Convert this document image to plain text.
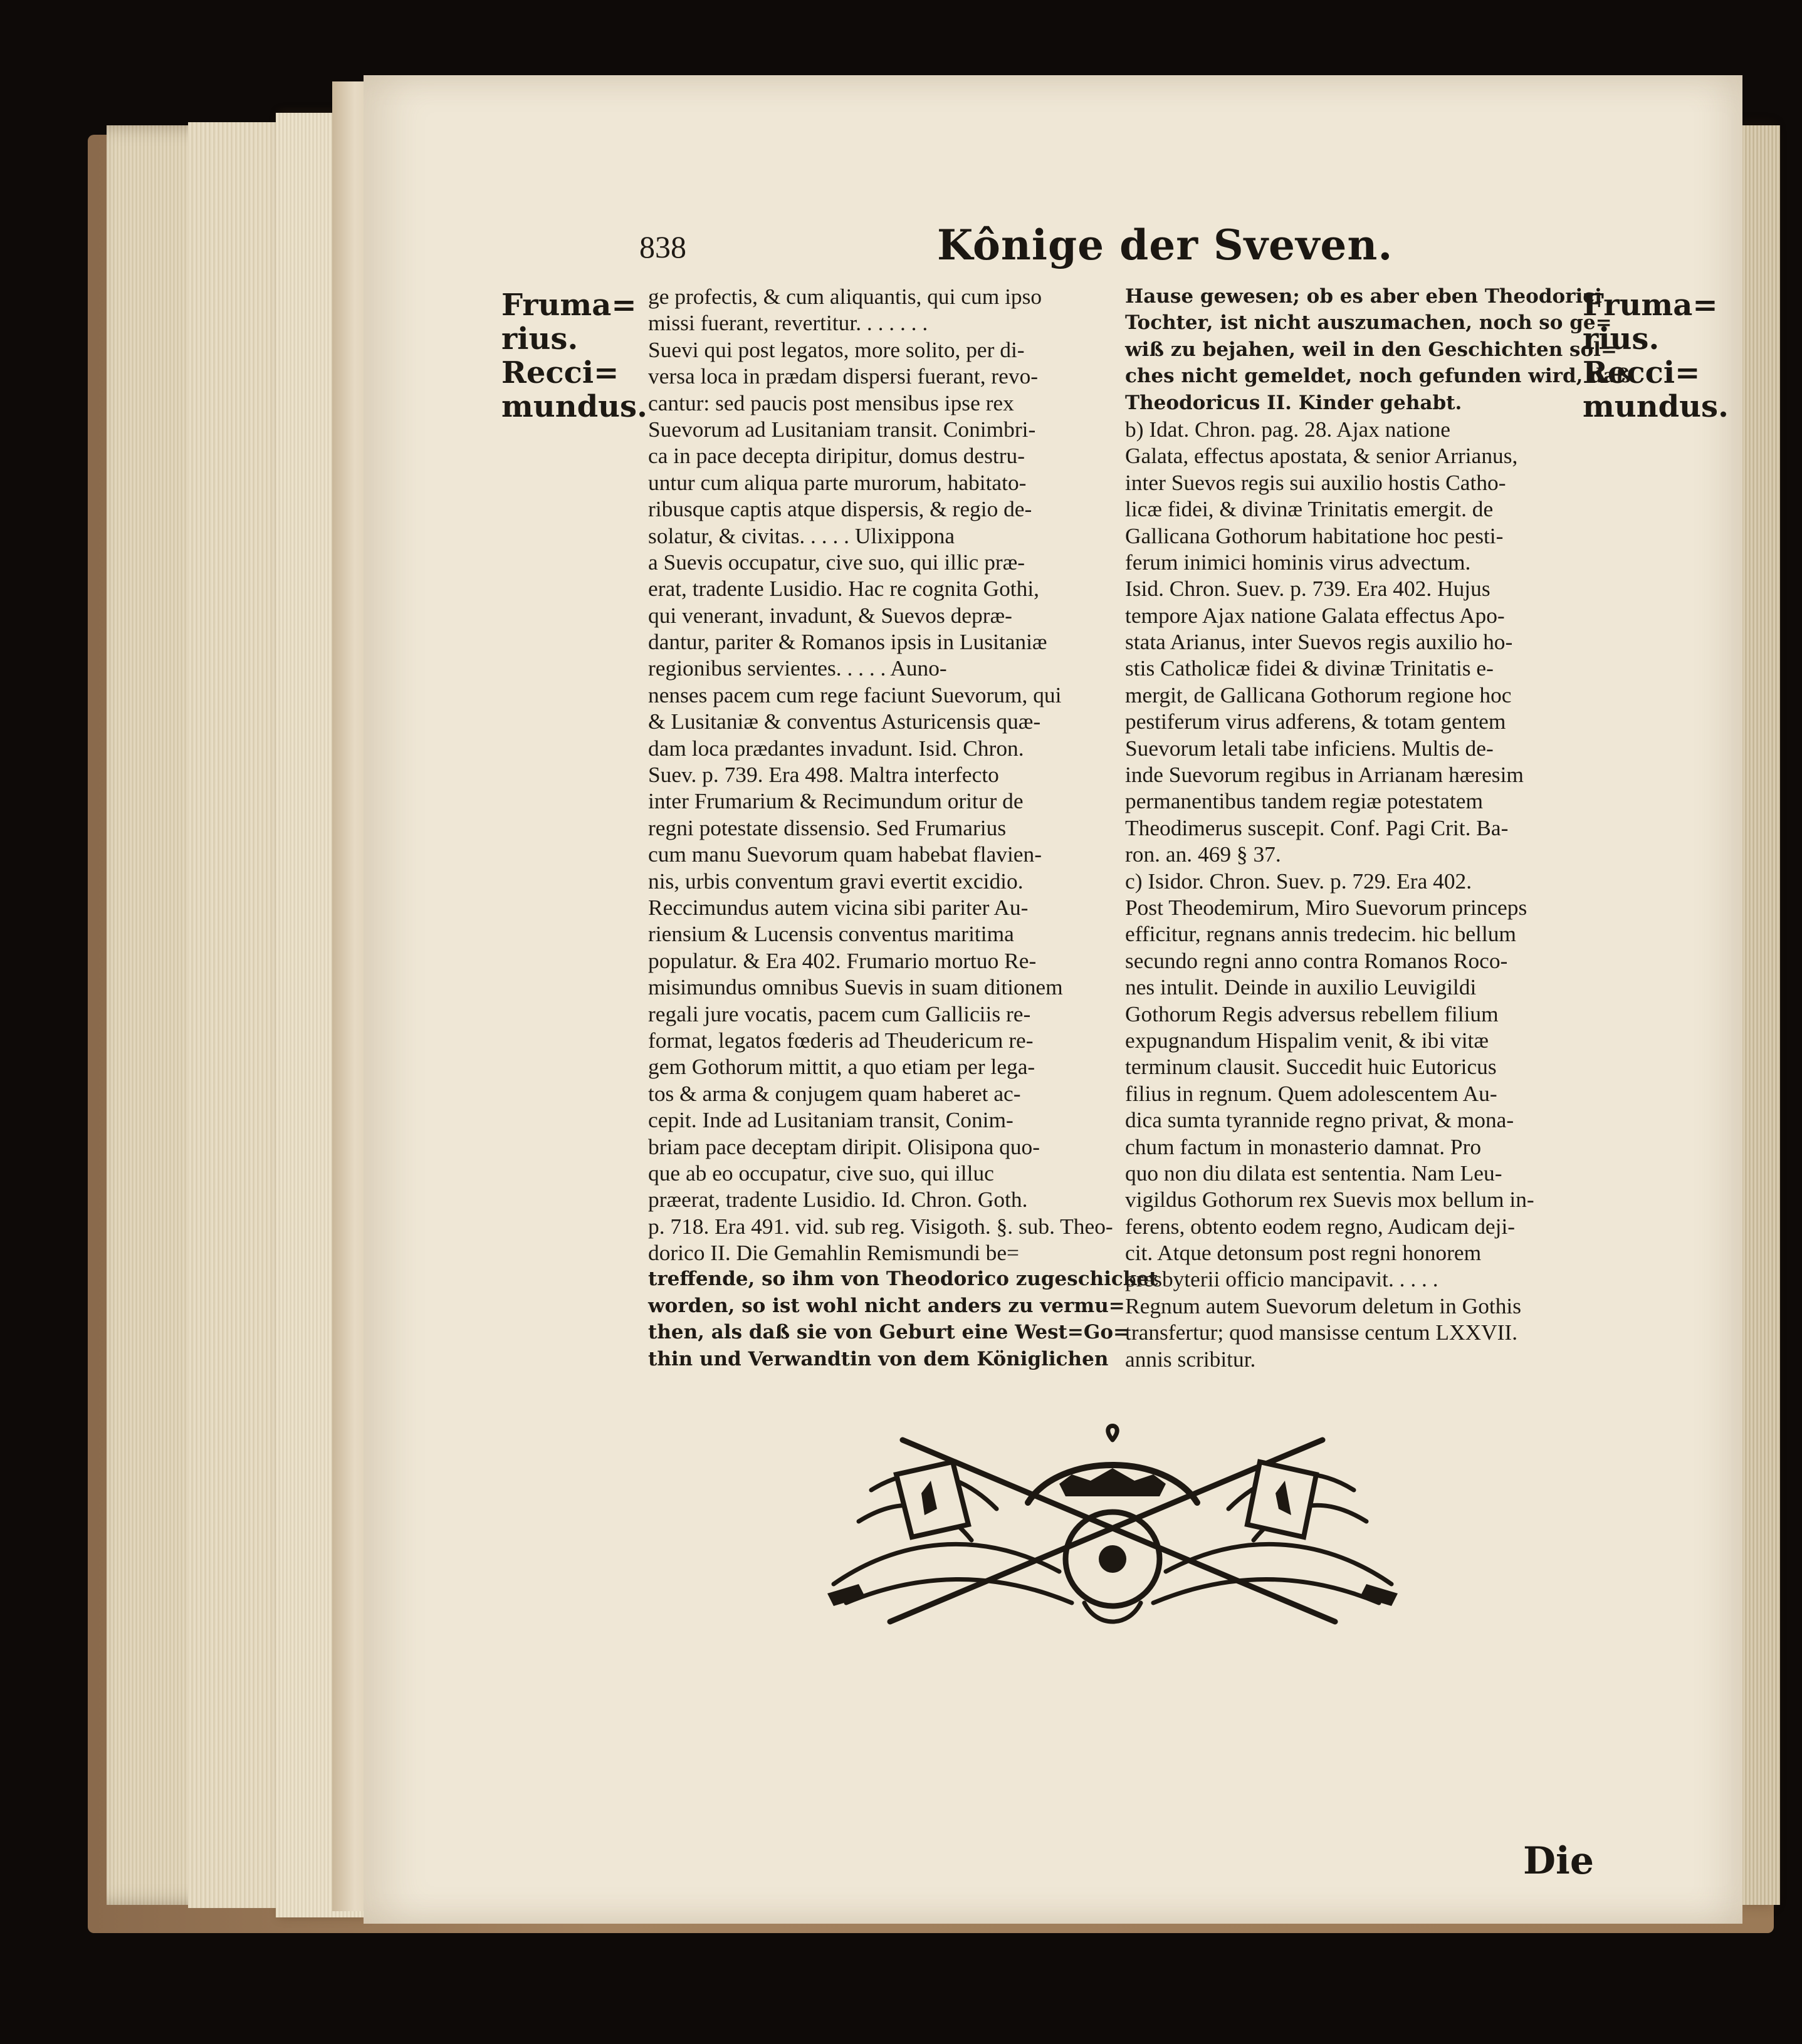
838	Kônige der Sveven.
Fruma=
rius.
Recci=
mundus.
Fruma=
rius.
Recci=
mundus.
ge profectis, & cum aliquantis, qui cum ipso
missi fuerant, revertitur. . . . . . .
Suevi qui post legatos, more solito, per di-
versa loca in prædam dispersi fuerant, revo-
cantur: sed paucis post mensibus ipse rex
Suevorum ad Lusitaniam transit. Conimbri-
ca in pace decepta diripitur, domus destru-
untur cum aliqua parte murorum, habitato-
ribusque captis atque dispersis, & regio de-
solatur, & civitas. . . . . Ulixippona
a Suevis occupatur, cive suo, qui illic præ-
erat, tradente Lusidio. Hac re cognita Gothi,
qui venerant, invadunt, & Suevos depræ-
dantur, pariter & Romanos ipsis in Lusitaniæ
regionibus servientes. . . . . Auno-
nenses pacem cum rege faciunt Suevorum, qui
& Lusitaniæ & conventus Asturicensis quæ-
dam loca prædantes invadunt. Isid. Chron.
Suev. p. 739. Era 498. Maltra interfecto
inter Frumarium & Recimundum oritur de
regni potestate dissensio. Sed Frumarius
cum manu Suevorum quam habebat flavien-
nis, urbis conventum gravi evertit excidio.
Reccimundus autem vicina sibi pariter Au-
riensium & Lucensis conventus maritima
populatur. & Era 402. Frumario mortuo Re-
misimundus omnibus Suevis in suam ditionem
regali jure vocatis, pacem cum Galliciis re-
format, legatos fœderis ad Theudericum re-
gem Gothorum mittit, a quo etiam per lega-
tos & arma & conjugem quam haberet ac-
cepit. Inde ad Lusitaniam transit, Conim-
briam pace deceptam diripit. Olisipona quo-
que ab eo occupatur, cive suo, qui illuc
præerat, tradente Lusidio. Id. Chron. Goth.
p. 718. Era 491. vid. sub reg. Visigoth. §. sub. Theo-
dorico II. Die Gemahlin Remismundi be=
treffende, so ihm von Theodorico zugeschicket
worden, so ist wohl nicht anders zu vermu=
then, als daß sie von Geburt eine West=Go=
thin und Verwandtin von dem Königlichen
Hause gewesen; ob es aber eben Theodorici
Tochter, ist nicht auszumachen, noch so ge=
wiß zu bejahen, weil in den Geschichten sol=
ches nicht gemeldet, noch gefunden wird, daß
Theodoricus II. Kinder gehabt.
b) Idat. Chron. pag. 28. Ajax natione
Galata, effectus apostata, & senior Arrianus,
inter Suevos regis sui auxilio hostis Catho-
licæ fidei, & divinæ Trinitatis emergit. de
Gallicana Gothorum habitatione hoc pesti-
ferum inimici hominis virus advectum.
Isid. Chron. Suev. p. 739. Era 402. Hujus
tempore Ajax natione Galata effectus Apo-
stata Arianus, inter Suevos regis auxilio ho-
stis Catholicæ fidei & divinæ Trinitatis e-
mergit, de Gallicana Gothorum regione hoc
pestiferum virus adferens, & totam gentem
Suevorum letali tabe inficiens. Multis de-
inde Suevorum regibus in Arrianam hæresim
permanentibus tandem regiæ potestatem
Theodimerus suscepit. Conf. Pagi Crit. Ba-
ron. an. 469 § 37.
c) Isidor. Chron. Suev. p. 729. Era 402.
Post Theodemirum, Miro Suevorum princeps
efficitur, regnans annis tredecim. hic bellum
secundo regni anno contra Romanos Roco-
nes intulit. Deinde in auxilio Leuvigildi
Gothorum Regis adversus rebellem filium
expugnandum Hispalim venit, & ibi vitæ
terminum clausit. Succedit huic Eutoricus
filius in regnum. Quem adolescentem Au-
dica sumta tyrannide regno privat, & mona-
chum factum in monasterio damnat. Pro
quo non diu dilata est sententia. Nam Leu-
vigildus Gothorum rex Suevis mox bellum in-
ferens, obtento eodem regno, Audicam deji-
cit. Atque detonsum post regni honorem
presbyterii officio mancipavit. . . . .
Regnum autem Suevorum deletum in Gothis
transfertur; quod mansisse centum LXXVII.
annis scribitur.
Die
